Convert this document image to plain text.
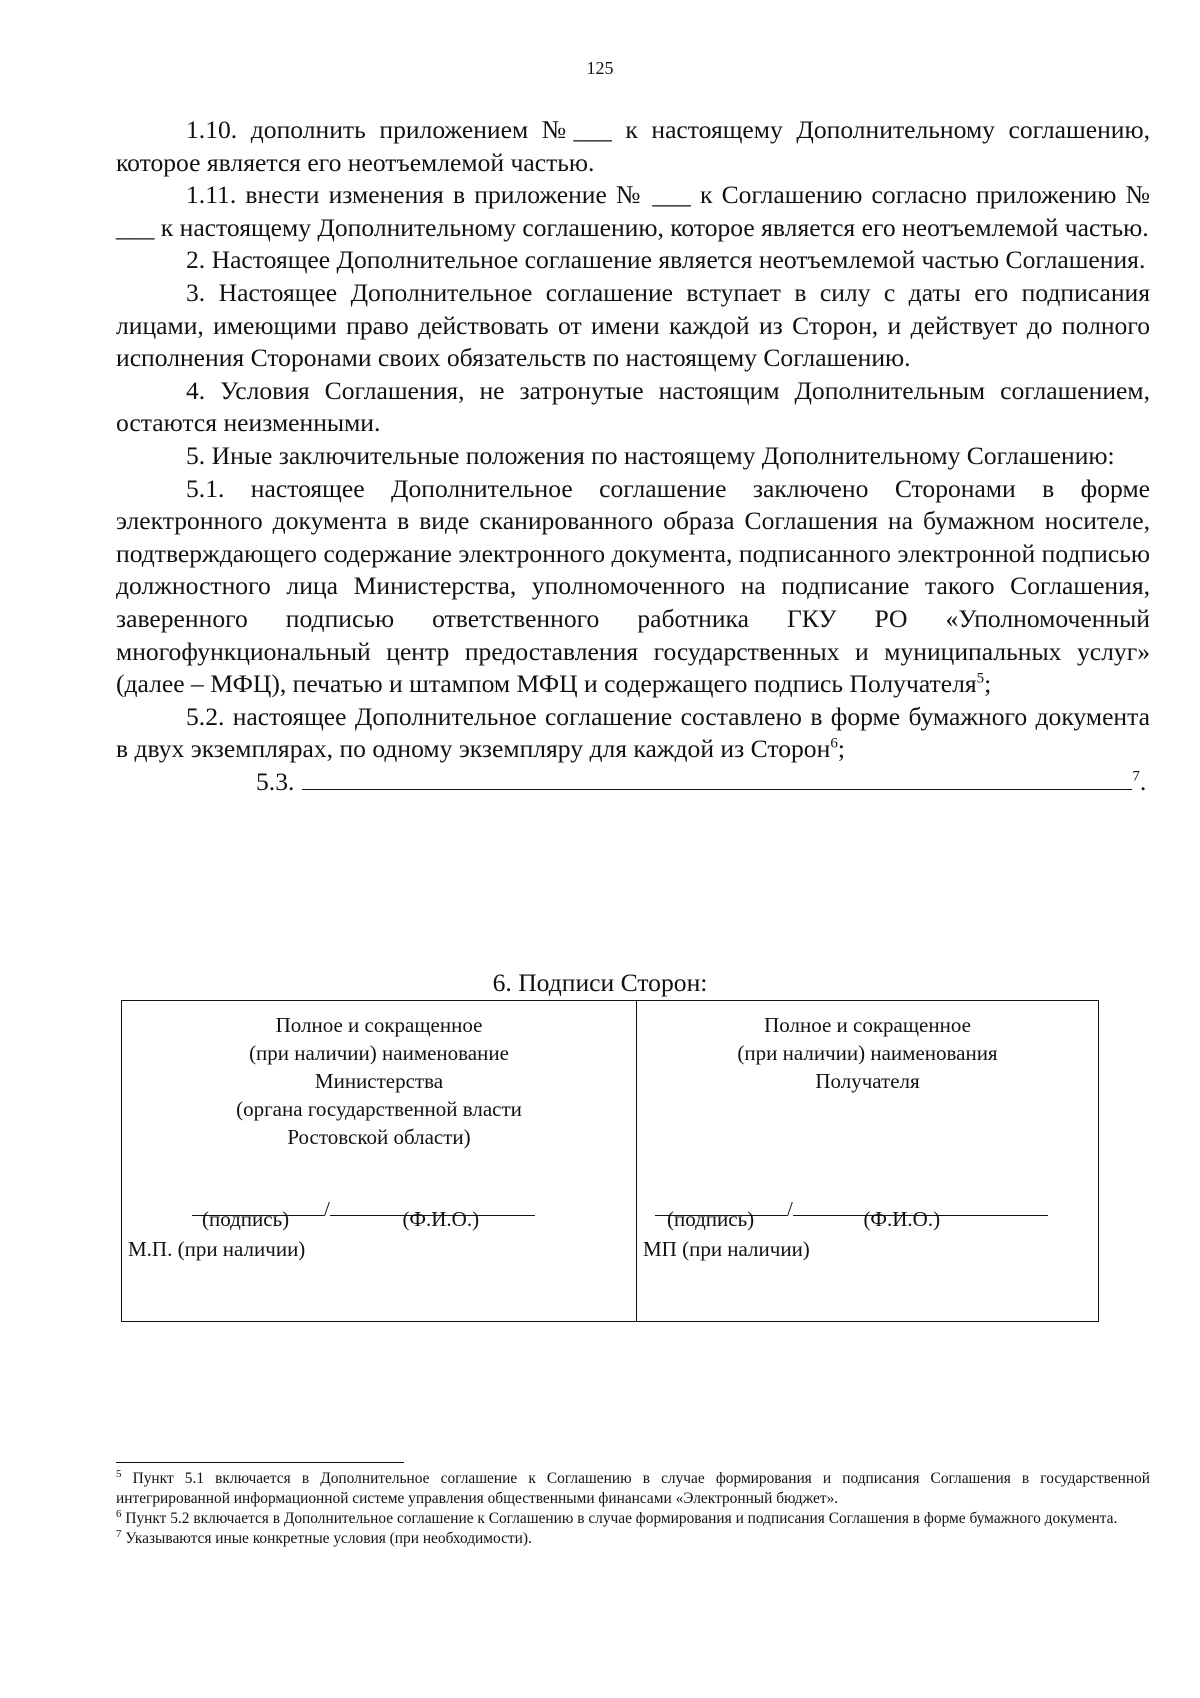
125

1.10. дополнить приложением №___ к настоящему Дополнительному соглашению, которое является его неотъемлемой частью.

1.11. внести изменения в приложение № ___ к Соглашению согласно приложению № ___ к настоящему Дополнительному соглашению, которое является его неотъемлемой частью.

2. Настоящее Дополнительное соглашение является неотъемлемой частью Соглашения.

3. Настоящее Дополнительное соглашение вступает в силу с даты его подписания лицами, имеющими право действовать от имени каждой из Сторон, и действует до полного исполнения Сторонами своих обязательств по настоящему Соглашению.

4. Условия Соглашения, не затронутые настоящим Дополнительным соглашением, остаются неизменными.

5. Иные заключительные положения по настоящему Дополнительному Соглашению:

5.1. настоящее Дополнительное соглашение заключено Сторонами в форме электронного документа в виде сканированного образа Соглашения на бумажном носителе, подтверждающего содержание электронного документа, подписанного электронной подписью должностного лица Министерства, уполномоченного на подписание такого Соглашения, заверенного подписью ответственного работника ГКУ РО «Уполномоченный многофункциональный центр предоставления государственных и муниципальных услуг» (далее – МФЦ), печатью и штампом МФЦ и содержащего подпись Получателя$^5$;

5.2. настоящее Дополнительное соглашение составлено в форме бумажного документа в двух экземплярах, по одному экземпляру для каждой из Сторон$^6$;

5.3.	$^7$.

6. Подписи Сторон:
Полное и сокращенное
(при наличии) наименование
Министерства
(органа государственной власти
Ростовской области)
/
(подпись)	(Ф.И.О.)
М.П. (при наличии)
Полное и сокращенное
(при наличии) наименования
Получателя
/
(подпись)	(Ф.И.О.)
МП (при наличии)

$^5$ Пункт 5.1 включается в Дополнительное соглашение к Соглашению в случае формирования и подписания Соглашения в государственной интегрированной информационной системе управления общественными финансами «Электронный бюджет».

$^6$ Пункт 5.2 включается в Дополнительное соглашение к Соглашению в случае формирования и подписания Соглашения в форме бумажного документа.

$^7$ Указываются иные конкретные условия (при необходимости).
